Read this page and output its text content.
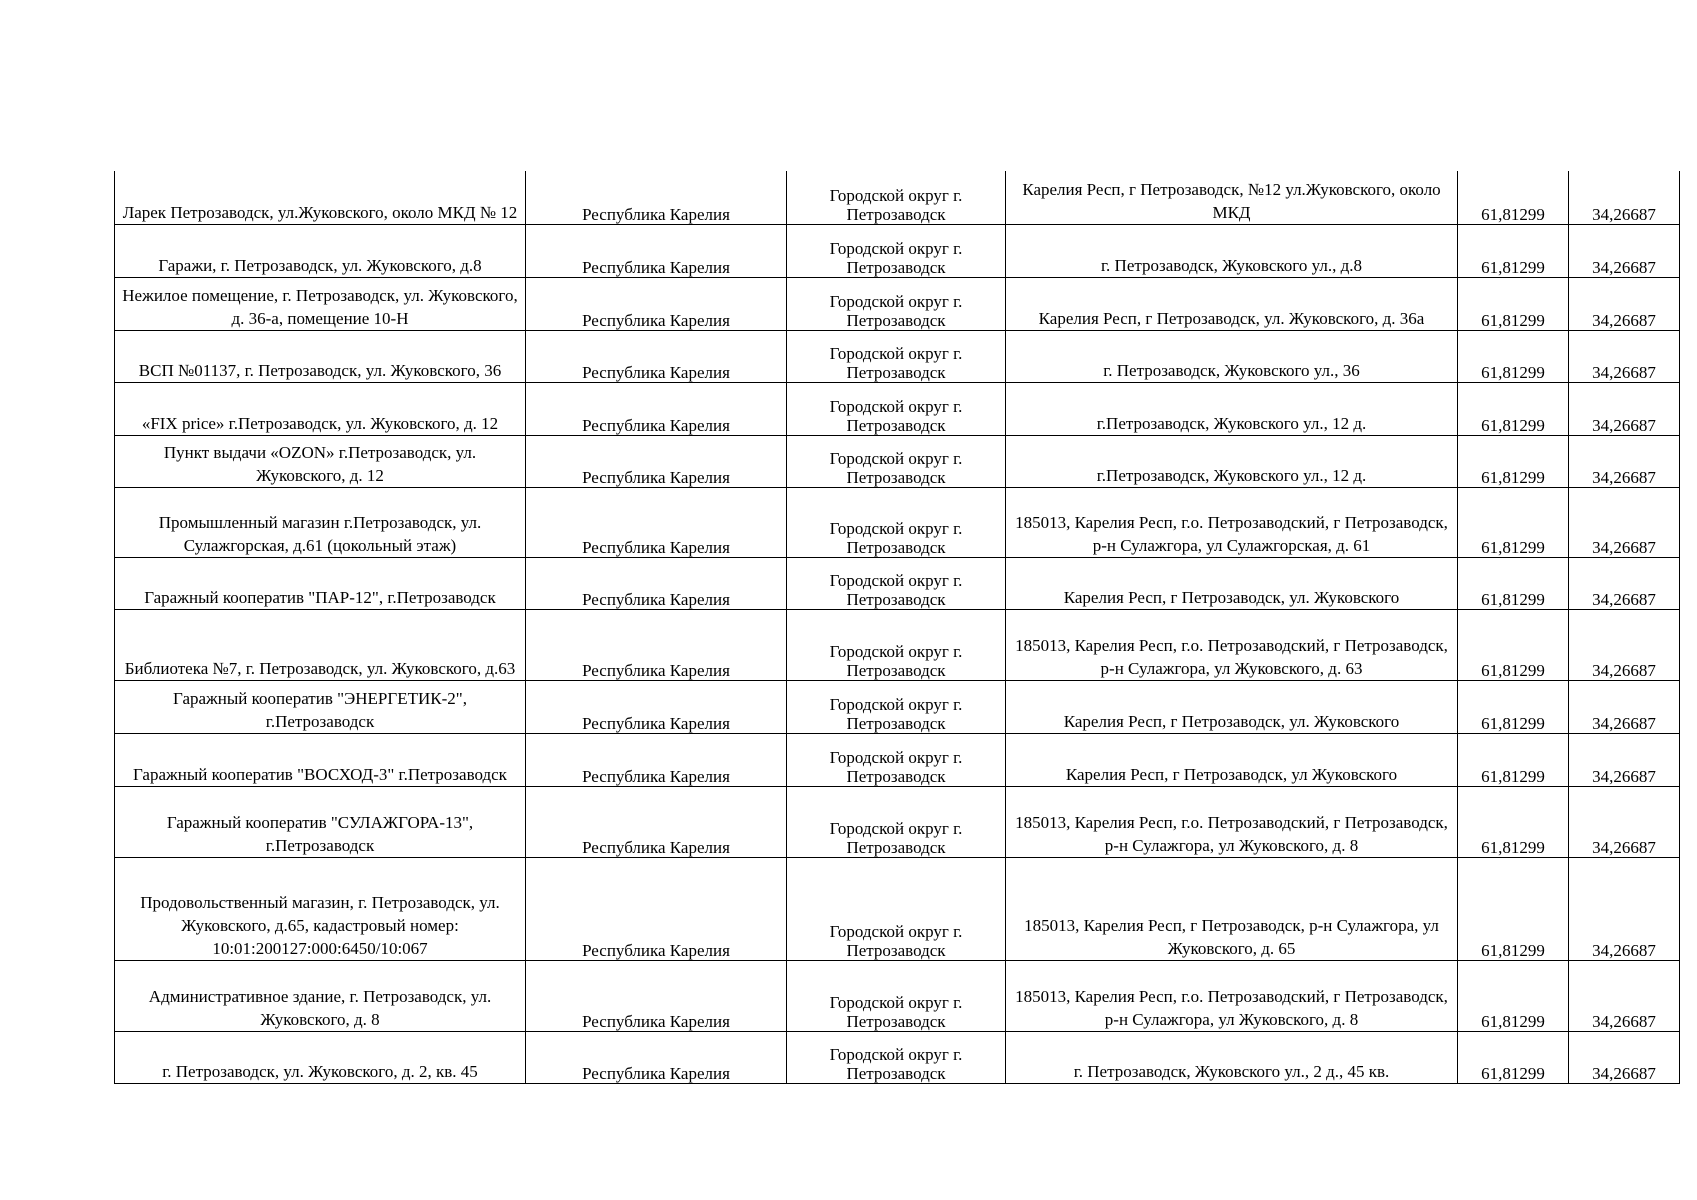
Ларек Петрозаводск, ул.Жуковского, около МКД № 12	Республика Карелия	Городской округ г. Петрозаводск	Карелия Респ, г Петрозаводск, №12 ул.Жуковского, около МКД	61,81299	34,26687
Гаражи, г. Петрозаводск, ул. Жуковского, д.8	Республика Карелия	Городской округ г. Петрозаводск	г. Петрозаводск, Жуковского ул., д.8	61,81299	34,26687
Нежилое помещение, г. Петрозаводск, ул. Жуковского, д. 36-а, помещение 10-Н	Республика Карелия	Городской округ г. Петрозаводск	Карелия Респ, г Петрозаводск, ул. Жуковского, д. 36а	61,81299	34,26687
ВСП №01137, г. Петрозаводск, ул. Жуковского, 36	Республика Карелия	Городской округ г. Петрозаводск	г. Петрозаводск, Жуковского ул., 36	61,81299	34,26687
«FIX price» г.Петрозаводск, ул. Жуковского, д. 12	Республика Карелия	Городской округ г. Петрозаводск	г.Петрозаводск, Жуковского ул., 12 д.	61,81299	34,26687
Пункт выдачи «OZON» г.Петрозаводск, ул. Жуковского, д. 12	Республика Карелия	Городской округ г. Петрозаводск	г.Петрозаводск, Жуковского ул., 12 д.	61,81299	34,26687
Промышленный магазин г.Петрозаводск, ул. Сулажгорская, д.61 (цокольный этаж)	Республика Карелия	Городской округ г. Петрозаводск	185013, Карелия Респ, г.о. Петрозаводский, г Петрозаводск, р-н Сулажгора, ул Сулажгорская, д. 61	61,81299	34,26687
Гаражный кооператив "ПАР-12", г.Петрозаводск	Республика Карелия	Городской округ г. Петрозаводск	Карелия Респ, г Петрозаводск, ул. Жуковского	61,81299	34,26687
Библиотека №7, г. Петрозаводск, ул. Жуковского, д.63	Республика Карелия	Городской округ г. Петрозаводск	185013, Карелия Респ, г.о. Петрозаводский, г Петрозаводск, р-н Сулажгора, ул Жуковского, д. 63	61,81299	34,26687
Гаражный кооператив "ЭНЕРГЕТИК-2", г.Петрозаводск	Республика Карелия	Городской округ г. Петрозаводск	Карелия Респ, г Петрозаводск, ул. Жуковского	61,81299	34,26687
Гаражный кооператив "ВОСХОД-3" г.Петрозаводск	Республика Карелия	Городской округ г. Петрозаводск	Карелия Респ, г Петрозаводск, ул Жуковского	61,81299	34,26687
Гаражный кооператив "СУЛАЖГОРА-13", г.Петрозаводск	Республика Карелия	Городской округ г. Петрозаводск	185013, Карелия Респ, г.о. Петрозаводский, г Петрозаводск, р-н Сулажгора, ул Жуковского, д. 8	61,81299	34,26687
Продовольственный магазин, г. Петрозаводск, ул. Жуковского, д.65, кадастровый номер: 10:01:200127:000:6450/10:067	Республика Карелия	Городской округ г. Петрозаводск	185013, Карелия Респ, г Петрозаводск, р-н Сулажгора, ул Жуковского, д. 65	61,81299	34,26687
Административное здание, г. Петрозаводск, ул. Жуковского, д. 8	Республика Карелия	Городской округ г. Петрозаводск	185013, Карелия Респ, г.о. Петрозаводский, г Петрозаводск, р-н Сулажгора, ул Жуковского, д. 8	61,81299	34,26687
г. Петрозаводск, ул. Жуковского, д. 2, кв. 45	Республика Карелия	Городской округ г. Петрозаводск	г. Петрозаводск, Жуковского ул., 2 д., 45 кв.	61,81299	34,26687
